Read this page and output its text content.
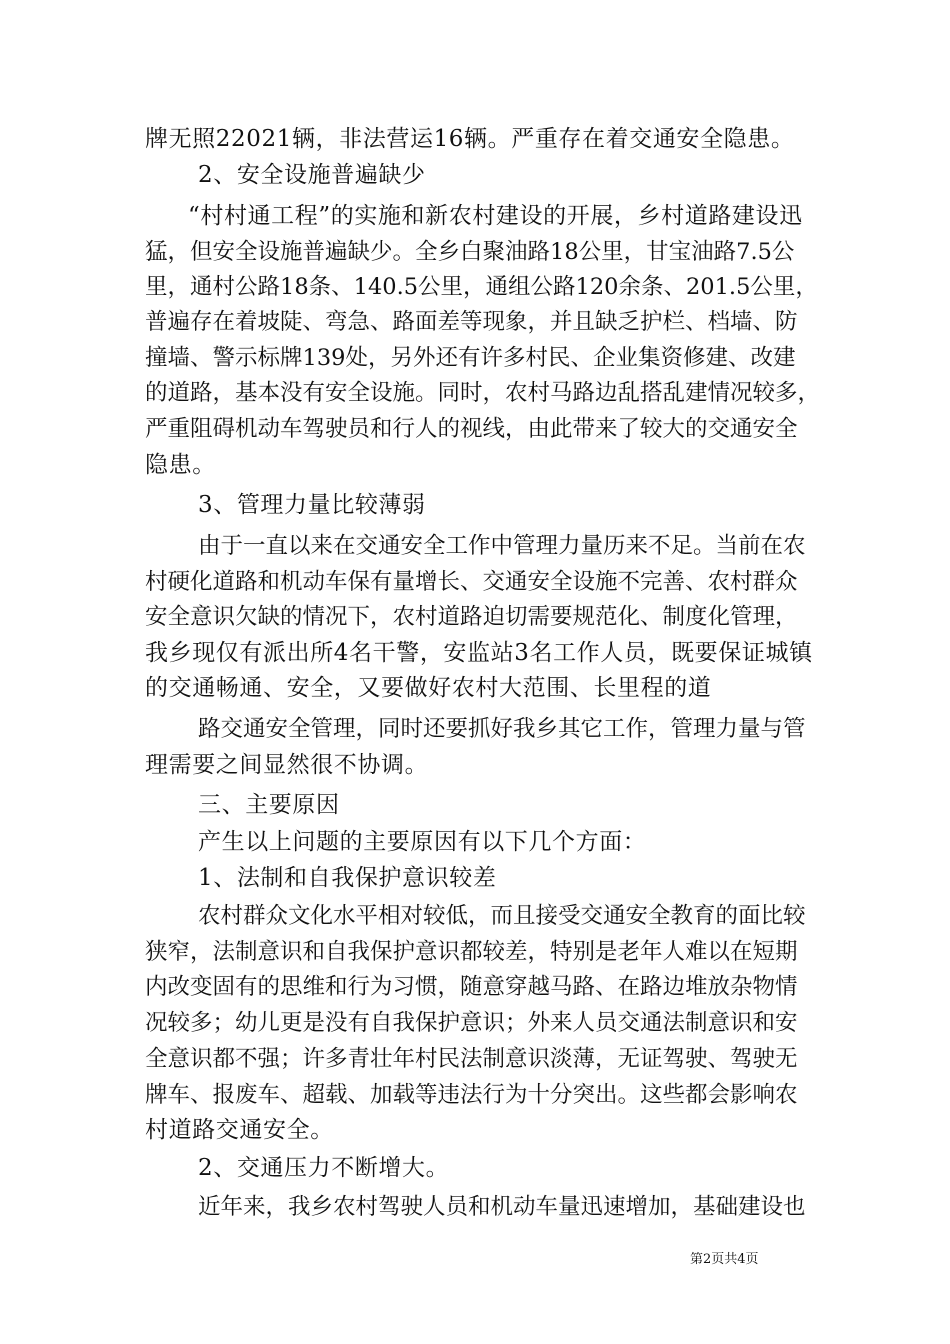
牌无照22021辆，非法营运16辆。严重存在着交通安全隐患。
2、安全设施普遍缺少
“村村通工程”的实施和新农村建设的开展，乡村道路建设迅
猛，但安全设施普遍缺少。全乡白聚油路18公里，甘宝油路7.5公
里，通村公路18条、140.5公里，通组公路120余条、201.5公里，
普遍存在着坡陡、弯急、路面差等现象，并且缺乏护栏、档墙、防
撞墙、警示标牌139处，另外还有许多村民、企业集资修建、改建
的道路，基本没有安全设施。同时，农村马路边乱搭乱建情况较多，
严重阻碍机动车驾驶员和行人的视线，由此带来了较大的交通安全
隐患。
3、管理力量比较薄弱
由于一直以来在交通安全工作中管理力量历来不足。当前在农
村硬化道路和机动车保有量增长、交通安全设施不完善、农村群众
安全意识欠缺的情况下，农村道路迫切需要规范化、制度化管理，
我乡现仅有派出所4名干警，安监站3名工作人员，既要保证城镇
的交通畅通、安全，又要做好农村大范围、长里程的道
路交通安全管理，同时还要抓好我乡其它工作，管理力量与管
理需要之间显然很不协调。
三、主要原因
产生以上问题的主要原因有以下几个方面：
1、法制和自我保护意识较差
农村群众文化水平相对较低，而且接受交通安全教育的面比较
狭窄，法制意识和自我保护意识都较差，特别是老年人难以在短期
内改变固有的思维和行为习惯，随意穿越马路、在路边堆放杂物情
况较多；幼儿更是没有自我保护意识；外来人员交通法制意识和安
全意识都不强；许多青壮年村民法制意识淡薄，无证驾驶、驾驶无
牌车、报废车、超载、加载等违法行为十分突出。这些都会影响农
村道路交通安全。
2、交通压力不断增大。
近年来，我乡农村驾驶人员和机动车量迅速增加，基础建设也
第2页共4页
